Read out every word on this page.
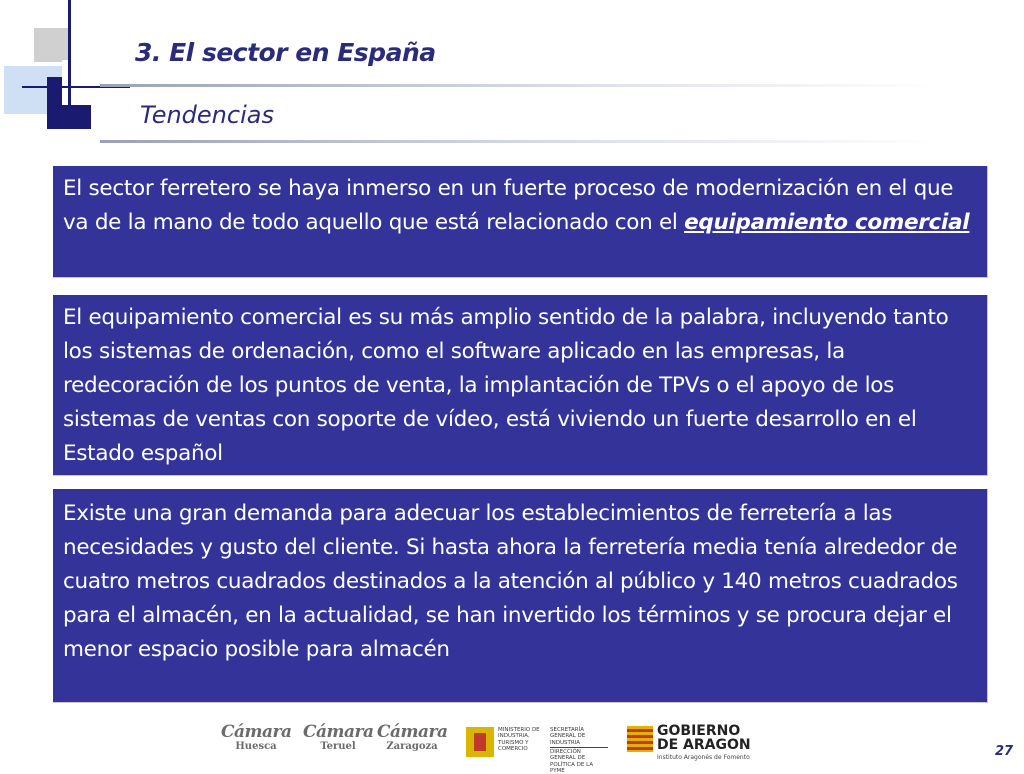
3. El sector en España
Tendencias
El sector ferretero se haya inmerso en un fuerte proceso de modernización en el que va de la mano de todo aquello que está relacionado con el equipamiento comercial
El equipamiento comercial es su más amplio sentido de la palabra, incluyendo tanto los sistemas de ordenación, como el software aplicado en las empresas, la redecoración de los puntos de venta, la implantación de TPVs o el apoyo de los sistemas de ventas con soporte de vídeo, está viviendo un fuerte desarrollo en el Estado español
Existe una gran demanda para adecuar los establecimientos de ferretería a las necesidades y gusto del cliente. Si hasta ahora la ferretería media tenía alrededor de cuatro metros cuadrados destinados a la atención al público y 140 metros cuadrados para el almacén, en la actualidad, se han invertido los términos y se procura dejar el menor espacio posible para almacén
Cámara
Huesca
Cámara
Teruel
Cámara
Zaragoza
MINISTERIO DE INDUSTRIA, TURISMO Y COMERCIO
SECRETARÍA GENERAL DE INDUSTRIA
DIRECCIÓN GENERAL DE POLÍTICA DE LA PYME
GOBIERNO
DE ARAGON
Instituto Aragonés de Fomento	27
